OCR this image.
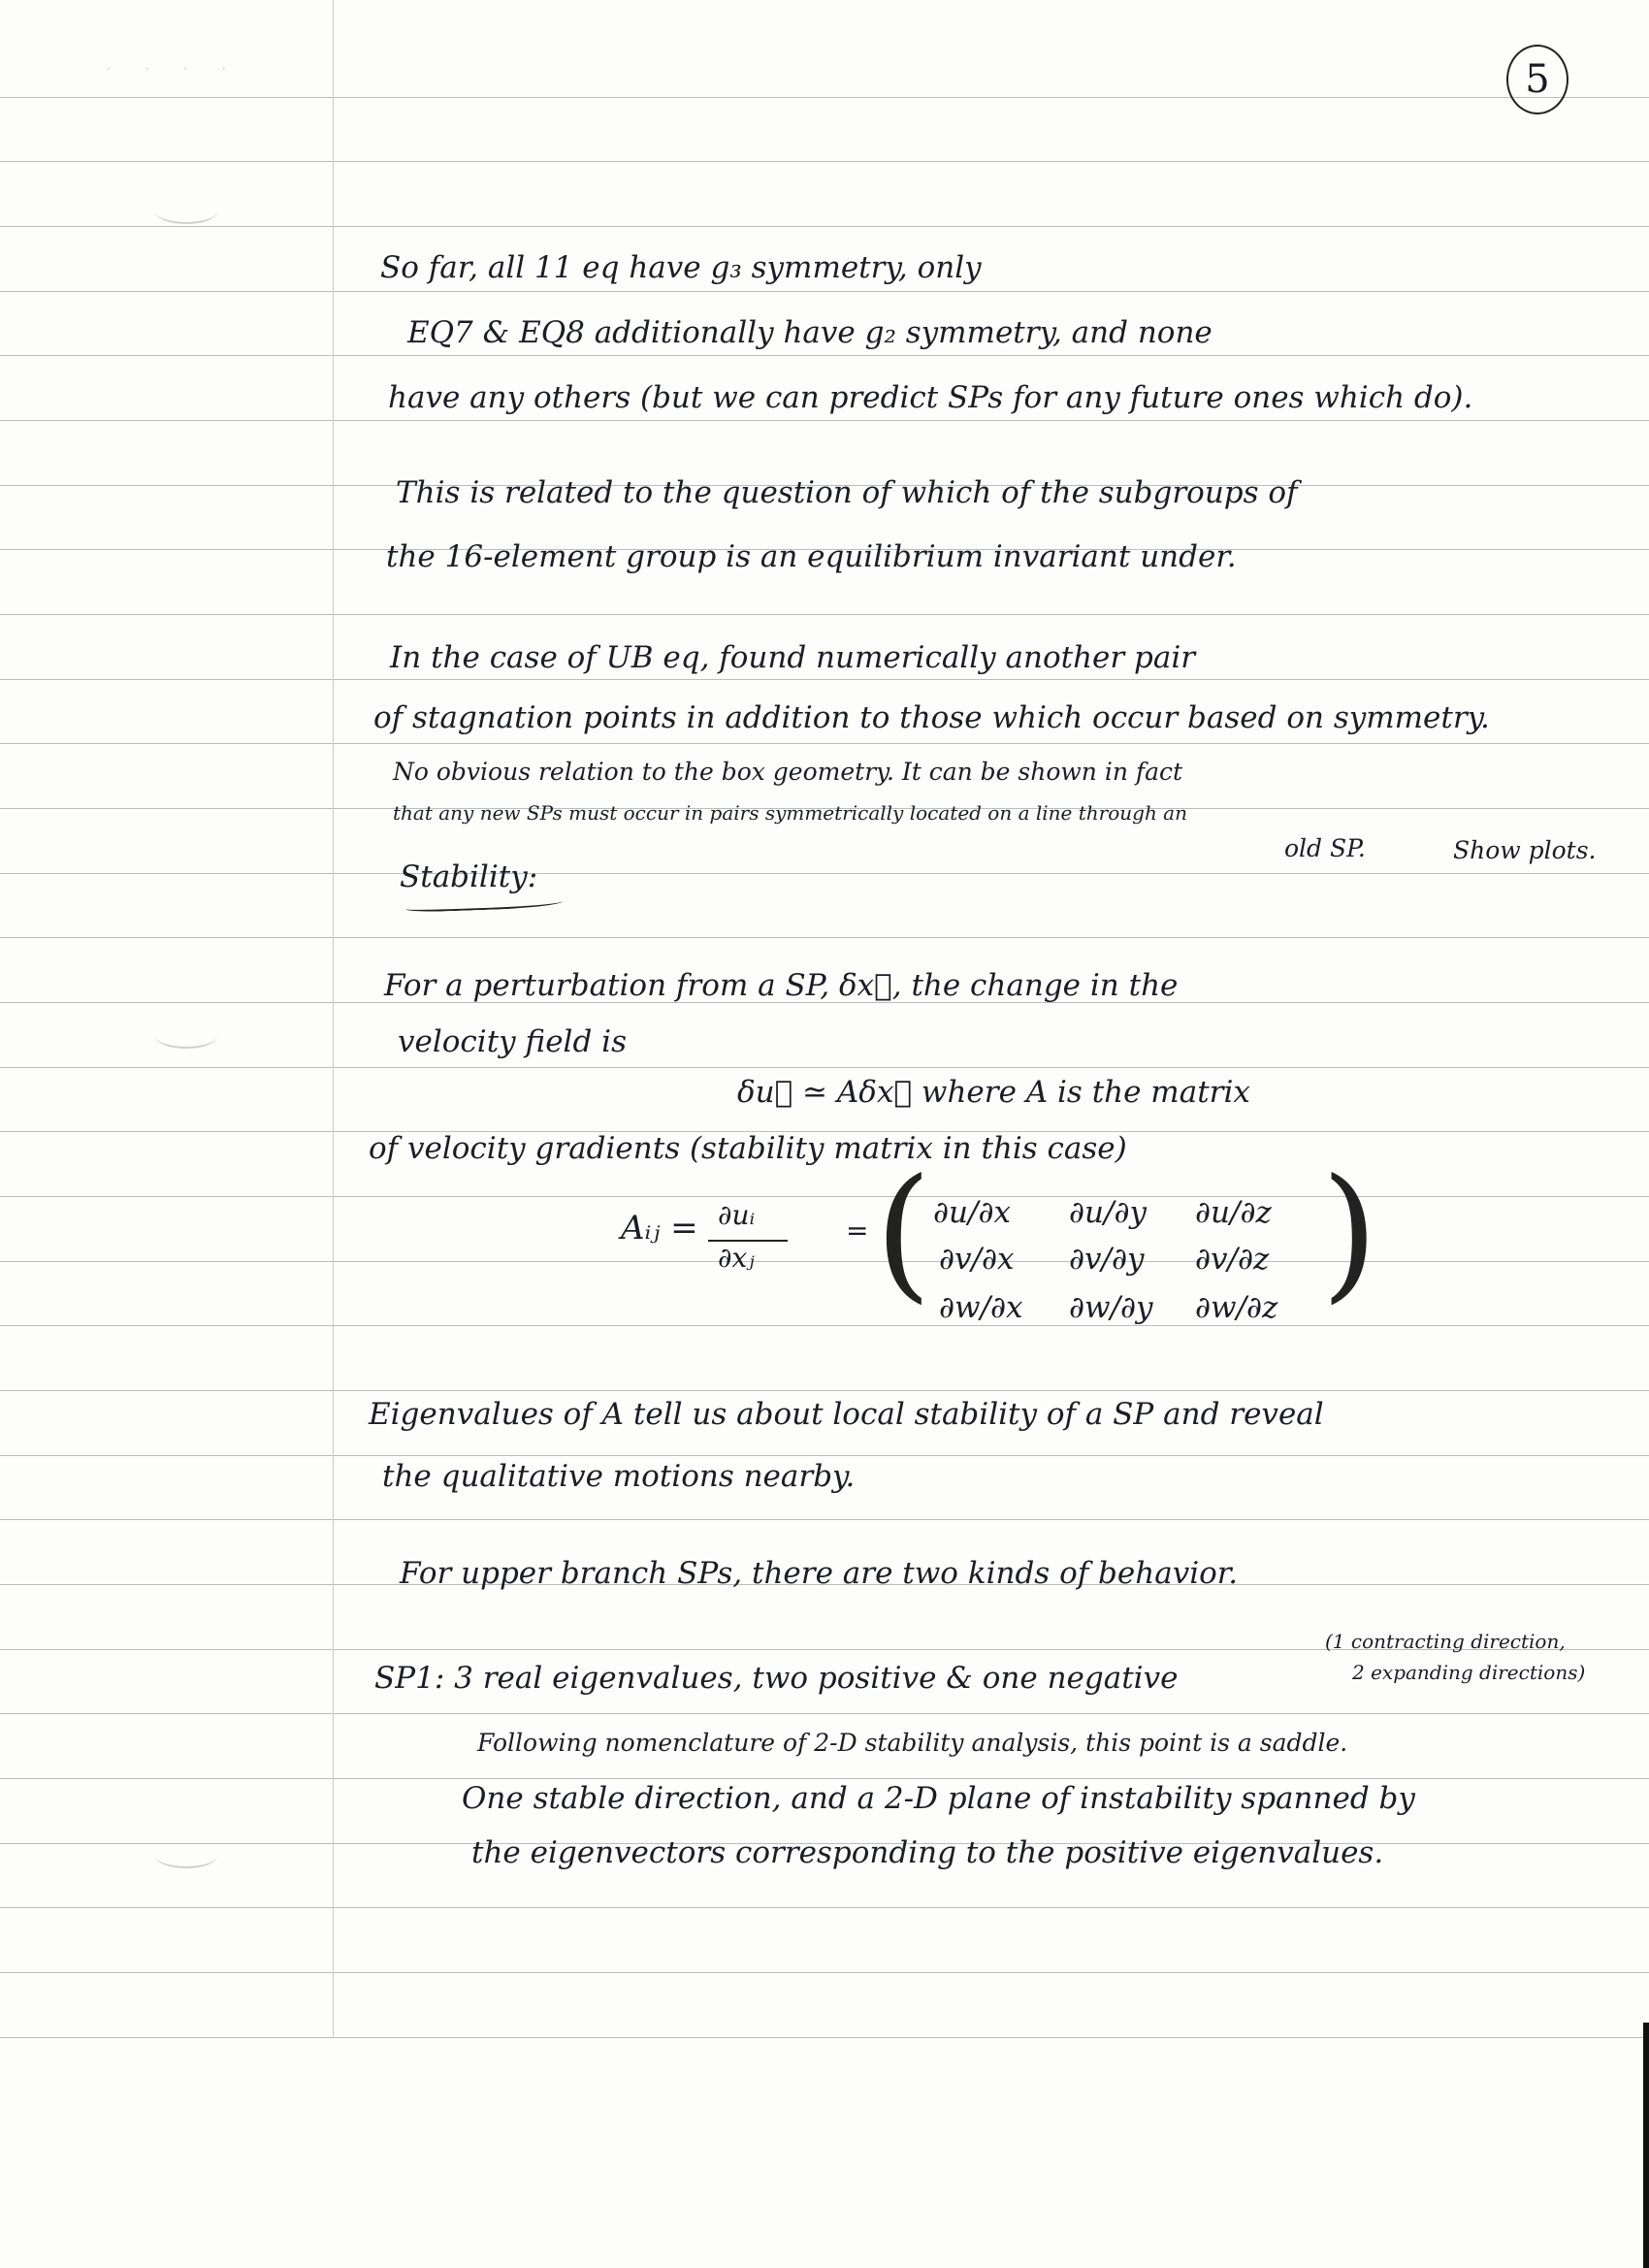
· · · ·	5
So far, all 11 eq have g₃ symmetry, only
EQ7 & EQ8 additionally have g₂ symmetry, and none
have any others (but we can predict SPs for any future ones which do).
This is related to the question of which of the subgroups of
the 16-element group is an equilibrium invariant under.
In the case of UB eq, found numerically another pair
of stagnation points in addition to those which occur based on symmetry.
No obvious relation to the box geometry. It can be shown in fact
that any new SPs must occur in pairs symmetrically located on a line through an
old SP.	Show plots.
Stability:
For a perturbation from a SP, δx⃗, the change in the
velocity field is
δu⃗ ≃ Aδx⃗ where A is the matrix
of velocity gradients (stability matrix in this case)
Aᵢⱼ = ∂uᵢ
∂xⱼ
= (	)
∂u/∂x ∂u/∂y ∂u/∂z
∂v/∂x ∂v/∂y ∂v/∂z
∂w/∂x ∂w/∂y ∂w/∂z
Eigenvalues of A tell us about local stability of a SP and reveal
the qualitative motions nearby.
For upper branch SPs, there are two kinds of behavior.
(1 contracting direction,
2 expanding directions)
SP1: 3 real eigenvalues, two positive & one negative
Following nomenclature of 2-D stability analysis, this point is a saddle.
One stable direction, and a 2-D plane of instability spanned by
the eigenvectors corresponding to the positive eigenvalues.
